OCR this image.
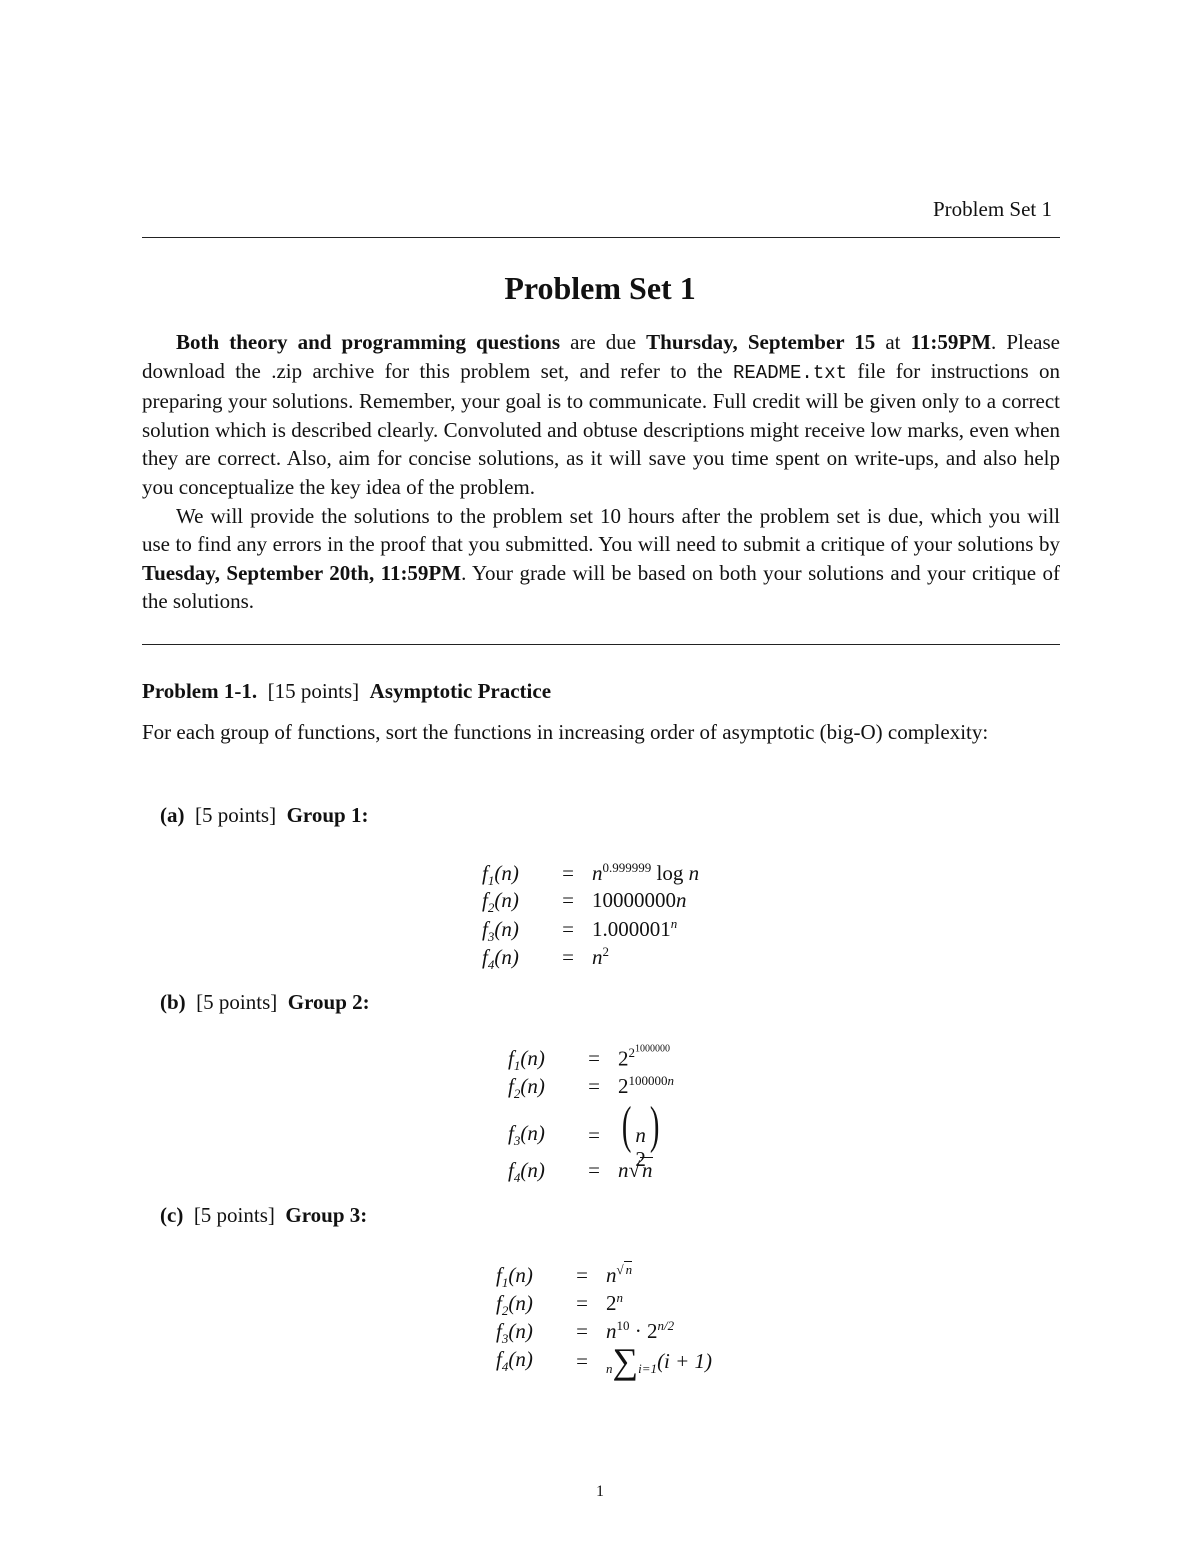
Problem Set 1
Problem Set 1

Both theory and programming questions are due Thursday, September 15 at 11:59PM. Please download the .zip archive for this problem set, and refer to the README.txt file for instructions on preparing your solutions. Remember, your goal is to communicate. Full credit will be given only to a correct solution which is described clearly. Convoluted and obtuse descriptions might receive low marks, even when they are correct. Also, aim for concise solutions, as it will save you time spent on write-ups, and also help you conceptualize the key idea of the problem.

We will provide the solutions to the problem set 10 hours after the problem set is due, which you will use to find any errors in the proof that you submitted. You will need to submit a critique of your solutions by Tuesday, September 20th, 11:59PM. Your grade will be based on both your solutions and your critique of the solutions.

Problem 1-1. [15 points] Asymptotic Practice
For each group of functions, sort the functions in increasing order of asymptotic (big-O) complexity:
(a) [5 points] Group 1:
$f_1(n) = n^{0.999999}$ log n
$f_2(n) = 10000000n$
$f_3(n) = 1.000001^n$
$f_4(n) = n^2$
(b) [5 points] Group 2:
$f_1(n) = 2^{2^{1000000}}$
$f_2(n) = 2^{100000n}$
$f_3(n)$ = ( n
2
)
$f_4(n) = n√n$
(c) [5 points] Group 3:
$f_1(n) = n^{√ n}$
$f_2(n) = 2^n$
$f_3(n) = n^{10} \cdot 2^{n/2}$
$f_4(n) = n\sum i=1(i + 1)$
1
